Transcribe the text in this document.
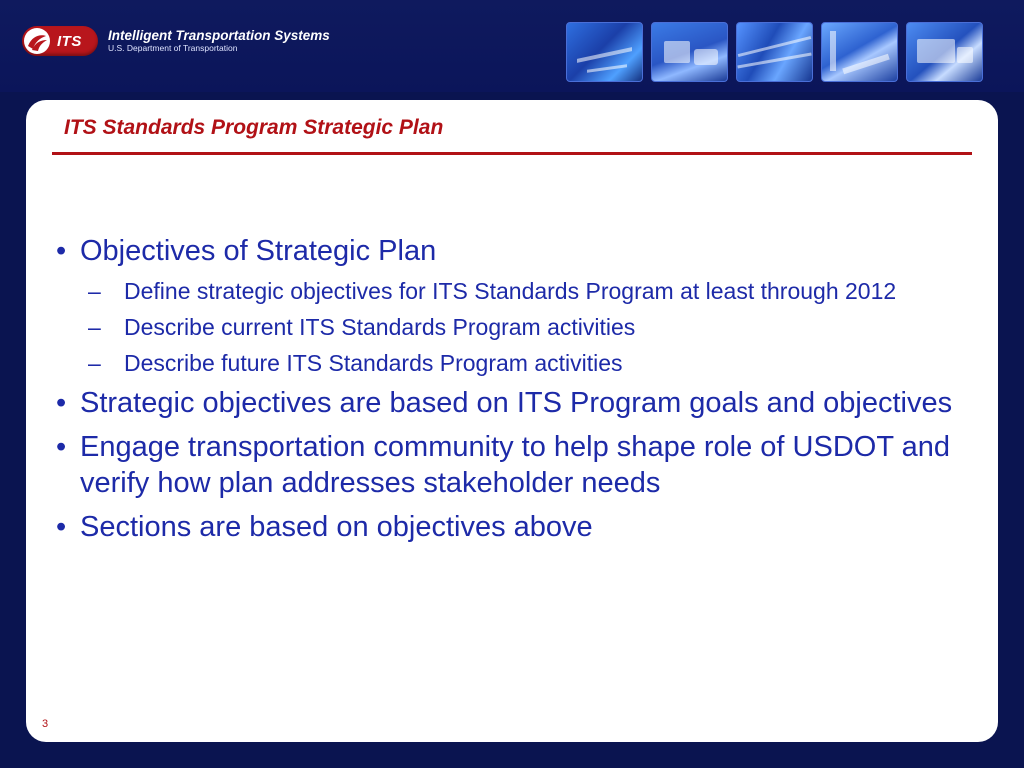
ITS Intelligent Transportation Systems
U.S. Department of Transportation
ITS Standards Program Strategic Plan
• Objectives of Strategic Plan
– Define strategic objectives for ITS Standards Program at least through 2012
– Describe current ITS Standards Program activities
– Describe future ITS Standards Program activities
• Strategic objectives are based on ITS Program goals and objectives
• Engage transportation community to help shape role of USDOT and verify how plan addresses stakeholder needs
• Sections are based on objectives above
3
